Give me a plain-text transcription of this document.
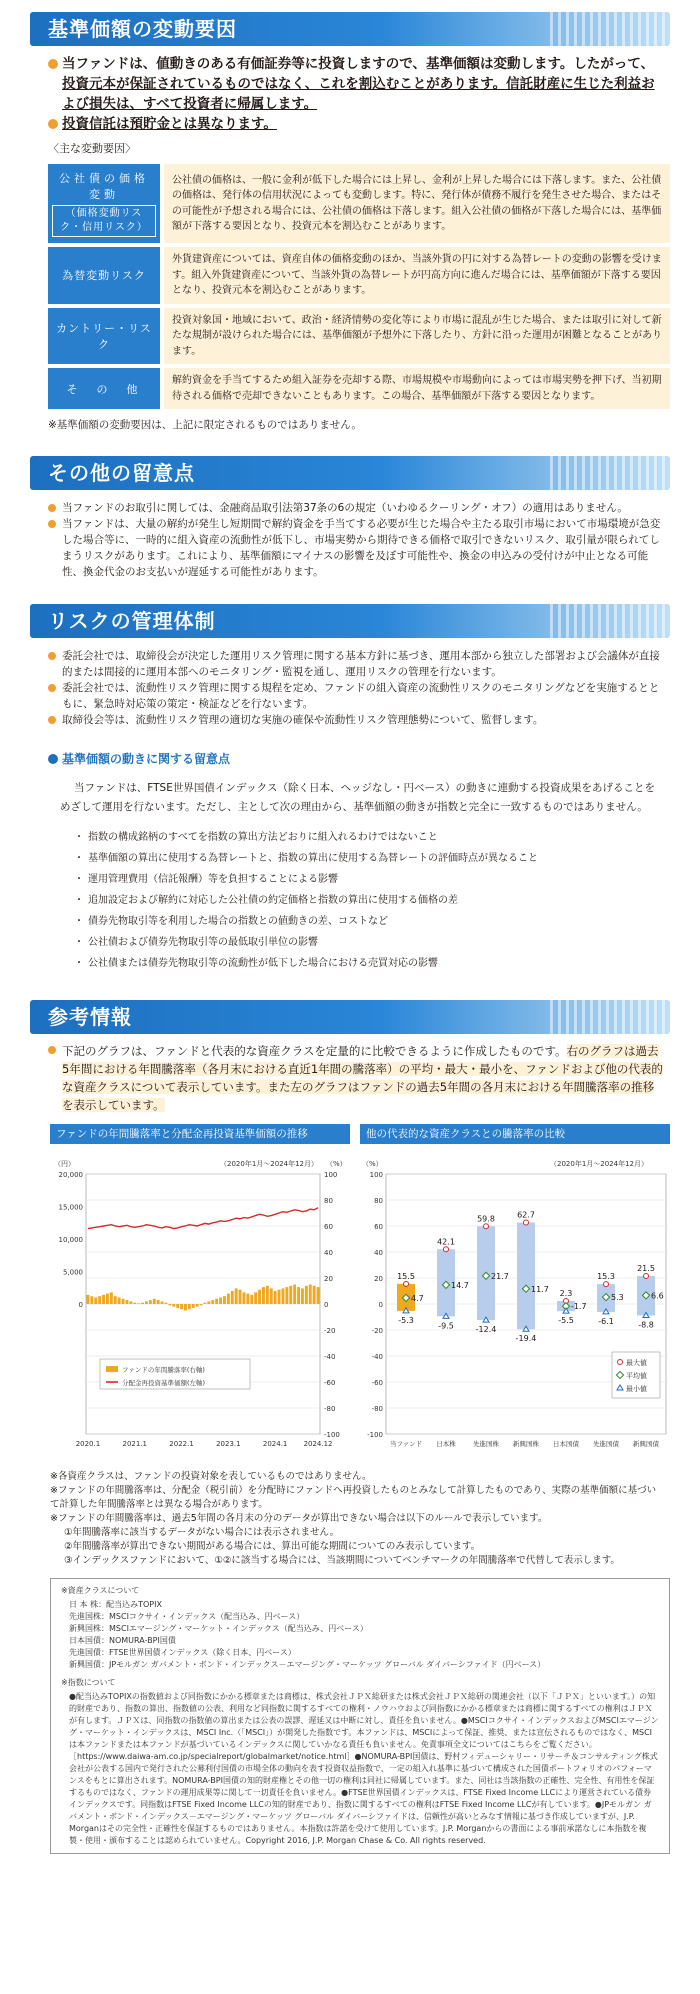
基準価額の変動要因

当ファンドは、値動きのある有価証券等に投資しますので、基準価額は変動します。したがって、投資元本が保証されているものではなく、これを割込むことがあります。信託財産に生じた利益および損失は、すべて投資者に帰属します。

投資信託は預貯金とは異なります。

〈主な変動要因〉

公社債の価格変動
（価格変動リスク・信用リスク）	公社債の価格は、一般に金利が低下した場合には上昇し、金利が上昇した場合には下落します。また、公社債の価格は、発行体の信用状況によっても変動します。特に、発行体が債務不履行を発生させた場合、またはその可能性が予想される場合には、公社債の価格は下落します。組入公社債の価格が下落した場合には、基準価額が下落する要因となり、投資元本を割込むことがあります。
為替変動リスク	外貨建資産については、資産自体の価格変動のほか、当該外貨の円に対する為替レートの変動の影響を受けます。組入外貨建資産について、当該外貨の為替レートが円高方向に進んだ場合には、基準価額が下落する要因となり、投資元本を割込むことがあります。
カントリー・リスク	投資対象国・地域において、政治・経済情勢の変化等により市場に混乱が生じた場合、または取引に対して新たな規制が設けられた場合には、基準価額が予想外に下落したり、方針に沿った運用が困難となることがあります。
そ　の　他	解約資金を手当てするため組入証券を売却する際、市場規模や市場動向によっては市場実勢を押下げ、当初期待される価格で売却できないこともあります。この場合、基準価額が下落する要因となります。

※基準価額の変動要因は、上記に限定されるものではありません。

その他の留意点

当ファンドのお取引に関しては、金融商品取引法第37条の6の規定（いわゆるクーリング・オフ）の適用はありません。

当ファンドは、大量の解約が発生し短期間で解約資金を手当てする必要が生じた場合や主たる取引市場において市場環境が急変した場合等に、一時的に組入資産の流動性が低下し、市場実勢から期待できる価格で取引できないリスク、取引量が限られてしまうリスクがあります。これにより、基準価額にマイナスの影響を及ぼす可能性や、換金の申込みの受付けが中止となる可能性、換金代金のお支払いが遅延する可能性があります。

リスクの管理体制

委託会社では、取締役会が決定した運用リスク管理に関する基本方針に基づき、運用本部から独立した部署および会議体が直接的または間接的に運用本部へのモニタリング・監視を通し、運用リスクの管理を行ないます。

委託会社では、流動性リスク管理に関する規程を定め、ファンドの組入資産の流動性リスクのモニタリングなどを実施するとともに、緊急時対応策の策定・検証などを行ないます。

取締役会等は、流動性リスク管理の適切な実施の確保や流動性リスク管理態勢について、監督します。

基準価額の動きに関する留意点

当ファンドは、FTSE世界国債インデックス（除く日本、ヘッジなし・円ベース）の動きに連動する投資成果をあげることをめざして運用を行ないます。ただし、主として次の理由から、基準価額の動きが指数と完全に一致するものではありません。

・ 指数の構成銘柄のすべてを指数の算出方法どおりに組入れるわけではないこと
・ 基準価額の算出に使用する為替レートと、指数の算出に使用する為替レートの評価時点が異なること
・ 運用管理費用（信託報酬）等を負担することによる影響
・ 追加設定および解約に対応した公社債の約定価格と指数の算出に使用する価格の差
・ 債券先物取引等を利用した場合の指数との値動きの差、コストなど
・ 公社債および債券先物取引等の最低取引単位の影響
・ 公社債または債券先物取引等の流動性が低下した場合における売買対応の影響
参考情報

下記のグラフは、ファンドと代表的な資産クラスを定量的に比較できるように作成したものです。右のグラフは過去5年間における年間騰落率（各月末における直近1年間の騰落率）の平均・最大・最小を、ファンドおよび他の代表的な資産クラスについて表示しています。また左のグラフはファンドの過去5年間の各月末における年間騰落率の推移を表示しています。

ファンドの年間騰落率と分配金再投資基準価額の推移
（円）	（%）
（2020年1月～2024年12月）
100
80
60
40
20
0
-20
-40
-60
-80
-100
20,000
15,000
10,000
5,000
0
2020.1	2021.1	2022.1	2023.1	2024.1 2024.12
ファンドの年間騰落率(右軸)
分配金再投資基準価額(左軸)
他の代表的な資産クラスとの騰落率の比較
（%）	（2020年1月～2024年12月）
100
80
60
40
20
0
-20
-40
-60
-80
-100
15.5
4.7
-5.3
当ファンド
42.1
14.7
-9.5
日本株
59.8
21.7
-12.4
先進国株
62.7
11.7
-19.4
新興国株
2.3
-1.7
-5.5
日本国債
15.3
5.3
-6.1
先進国債
21.5
6.6
-8.8
新興国債
最大値
平均値
最小値

※各資産クラスは、ファンドの投資対象を表しているものではありません。

※ファンドの年間騰落率は、分配金（税引前）を分配時にファンドへ再投資したものとみなして計算したものであり、実際の基準価額に基づいて計算した年間騰落率とは異なる場合があります。

※ファンドの年間騰落率は、過去5年間の各月末の分のデータが算出できない場合は以下のルールで表示しています。

①年間騰落率に該当するデータがない場合には表示されません。

②年間騰落率が算出できない期間がある場合には、算出可能な期間についてのみ表示しています。

③インデックスファンドにおいて、①②に該当する場合には、当該期間についてベンチマークの年間騰落率で代替して表示します。

※資産クラスについて

日 本 株：配当込みTOPIX

先進国株：MSCIコクサイ・インデックス（配当込み、円ベース）

新興国株：MSCIエマージング・マーケット・インデックス（配当込み、円ベース）

日本国債：NOMURA-BPI国債

先進国債：FTSE世界国債インデックス（除く日本、円ベース）

新興国債：JPモルガン ガバメント・ボンド・インデックス－エマージング・マーケッツ グローバル ダイバーシファイド（円ベース）

※指数について

●配当込みTOPIXの指数値および同指数にかかる標章または商標は、株式会社ＪＰＸ総研または株式会社ＪＰＸ総研の関連会社（以下「ＪＰＸ」といいます。）の知的財産であり、指数の算出、指数値の公表、利用など同指数に関するすべての権利・ノウハウおよび同指数にかかる標章または商標に関するすべての権利はＪＰＸが有します。ＪＰＸは、同指数の指数値の算出または公表の誤謬、遅延又は中断に対し、責任を負いません。●MSCIコクサイ・インデックスおよびMSCIエマージング・マーケット・インデックスは、MSCI Inc.（「MSCI」）が開発した指数です。本ファンドは、MSCIによって保証、推奨、または宣伝されるものではなく、MSCIは本ファンドまたは本ファンドが基づいているインデックスに関していかなる責任も負いません。免責事項全文についてはこちらをご覧ください。［https://www.daiwa-am.co.jp/specialreport/globalmarket/notice.html］●NOMURA-BPI国債は、野村フィデューシャリー・リサーチ＆コンサルティング株式会社が公表する国内で発行された公募利付国債の市場全体の動向を表す投資収益指数で、一定の組入れ基準に基づいて構成された国債ポートフォリオのパフォーマンスをもとに算出されます。NOMURA-BPI国債の知的財産権とその他一切の権利は同社に帰属しています。また、同社は当該指数の正確性、完全性、有用性を保証するものではなく、ファンドの運用成果等に関して一切責任を負いません。●FTSE世界国債インデックスは、FTSE Fixed Income LLCにより運営されている債券インデックスです。同指数はFTSE Fixed Income LLCの知的財産であり、指数に関するすべての権利はFTSE Fixed Income LLCが有しています。●JPモルガン ガバメント・ボンド・インデックス－エマージング・マーケッツ グローバル ダイバーシファイドは、信頼性が高いとみなす情報に基づき作成していますが、J.P. Morganはその完全性・正確性を保証するものではありません。本指数は許諾を受けて使用しています。J.P. Morganからの書面による事前承諾なしに本指数を複製・使用・頒布することは認められていません。Copyright 2016, J.P. Morgan Chase & Co. All rights reserved.
